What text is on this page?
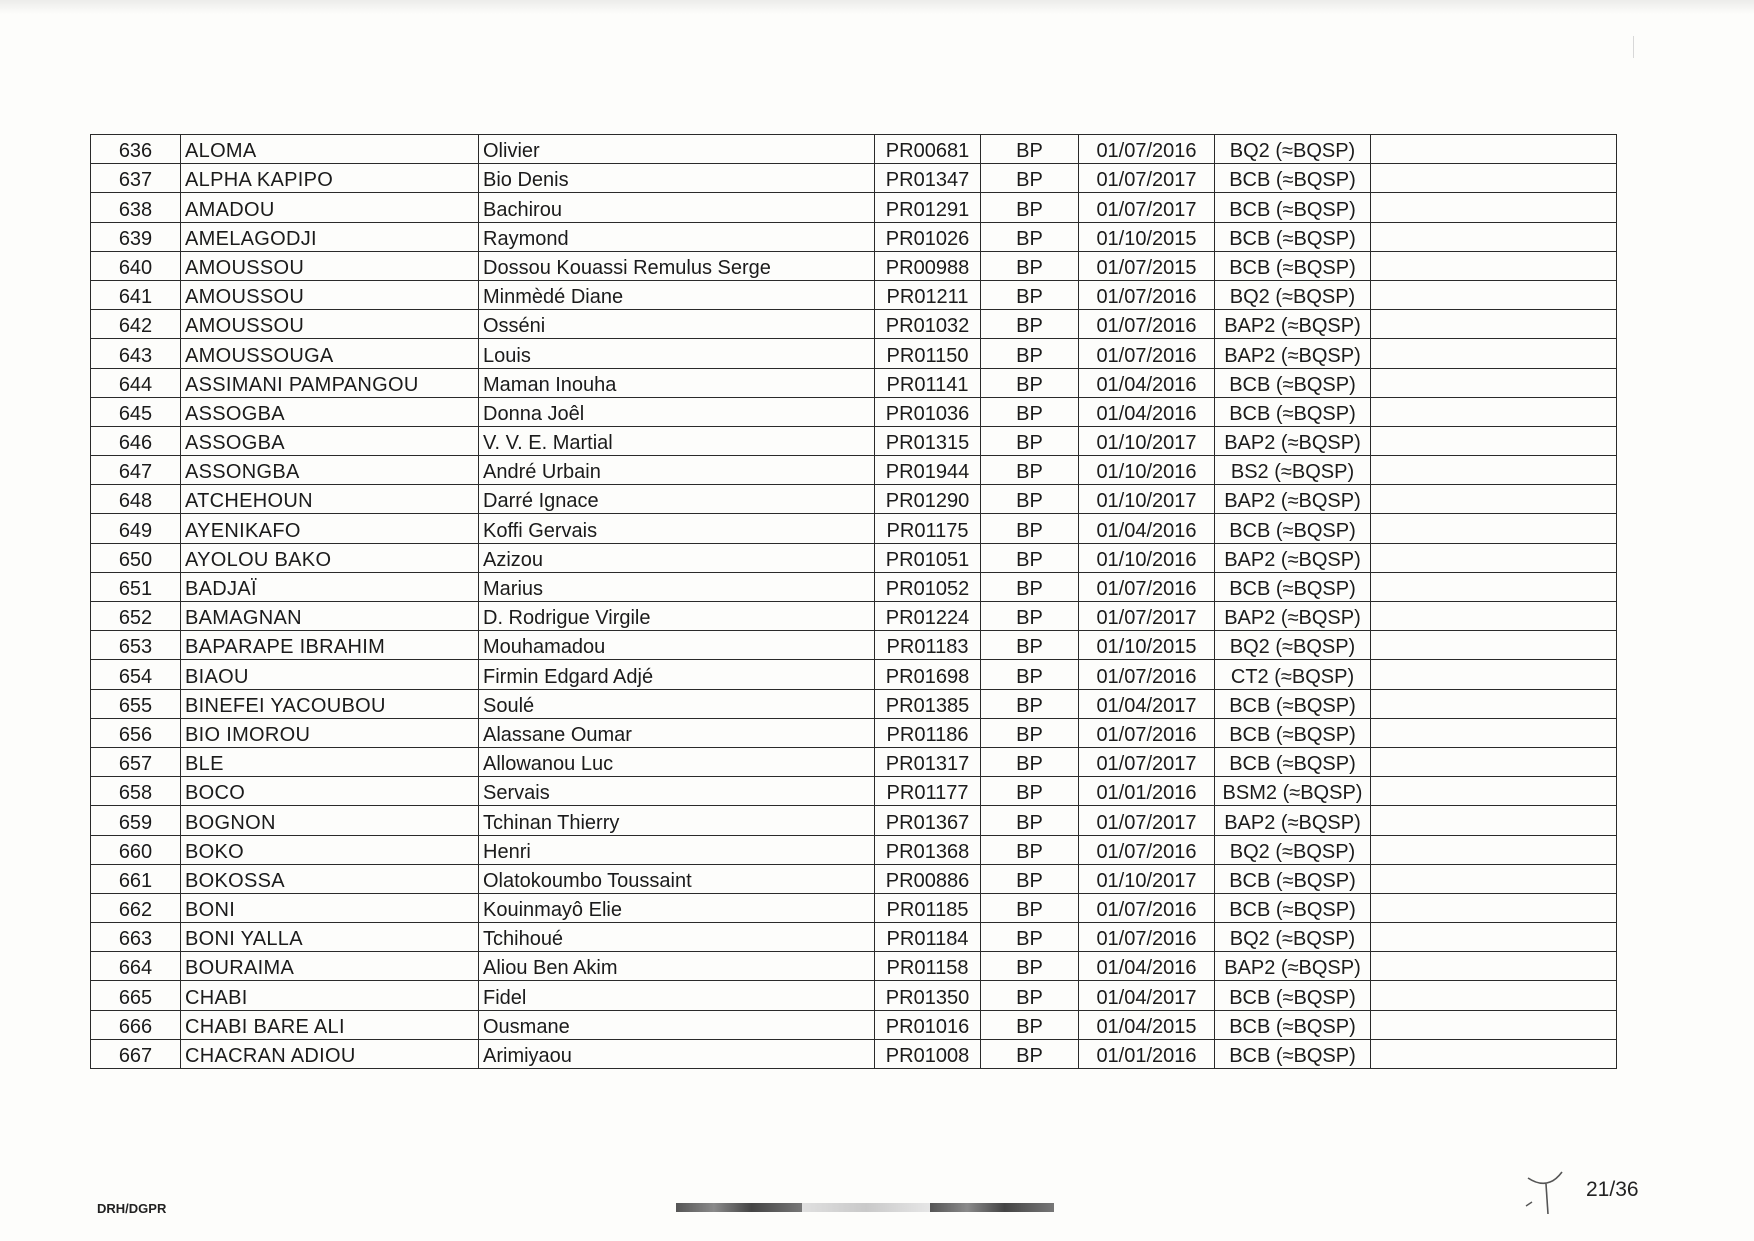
636	ALOMA	Olivier	PR00681	BP	01/07/2016	BQ2 (≈BQSP)	
637	ALPHA KAPIPO	Bio Denis	PR01347	BP	01/07/2017	BCB (≈BQSP)	
638	AMADOU	Bachirou	PR01291	BP	01/07/2017	BCB (≈BQSP)	
639	AMELAGODJI	Raymond	PR01026	BP	01/10/2015	BCB (≈BQSP)	
640	AMOUSSOU	Dossou Kouassi Remulus Serge	PR00988	BP	01/07/2015	BCB (≈BQSP)	
641	AMOUSSOU	Minmèdé Diane	PR01211	BP	01/07/2016	BQ2 (≈BQSP)	
642	AMOUSSOU	Osséni	PR01032	BP	01/07/2016	BAP2 (≈BQSP)	
643	AMOUSSOUGA	Louis	PR01150	BP	01/07/2016	BAP2 (≈BQSP)	
644	ASSIMANI PAMPANGOU	Maman Inouha	PR01141	BP	01/04/2016	BCB (≈BQSP)	
645	ASSOGBA	Donna Joêl	PR01036	BP	01/04/2016	BCB (≈BQSP)	
646	ASSOGBA	V. V. E. Martial	PR01315	BP	01/10/2017	BAP2 (≈BQSP)	
647	ASSONGBA	André Urbain	PR01944	BP	01/10/2016	BS2 (≈BQSP)	
648	ATCHEHOUN	Darré Ignace	PR01290	BP	01/10/2017	BAP2 (≈BQSP)	
649	AYENIKAFO	Koffi Gervais	PR01175	BP	01/04/2016	BCB (≈BQSP)	
650	AYOLOU BAKO	Azizou	PR01051	BP	01/10/2016	BAP2 (≈BQSP)	
651	BADJAÏ	Marius	PR01052	BP	01/07/2016	BCB (≈BQSP)	
652	BAMAGNAN	D. Rodrigue Virgile	PR01224	BP	01/07/2017	BAP2 (≈BQSP)	
653	BAPARAPE IBRAHIM	Mouhamadou	PR01183	BP	01/10/2015	BQ2 (≈BQSP)	
654	BIAOU	Firmin Edgard Adjé	PR01698	BP	01/07/2016	CT2 (≈BQSP)	
655	BINEFEI YACOUBOU	Soulé	PR01385	BP	01/04/2017	BCB (≈BQSP)	
656	BIO IMOROU	Alassane Oumar	PR01186	BP	01/07/2016	BCB (≈BQSP)	
657	BLE	Allowanou Luc	PR01317	BP	01/07/2017	BCB (≈BQSP)	
658	BOCO	Servais	PR01177	BP	01/01/2016	BSM2 (≈BQSP)	
659	BOGNON	Tchinan Thierry	PR01367	BP	01/07/2017	BAP2 (≈BQSP)	
660	BOKO	Henri	PR01368	BP	01/07/2016	BQ2 (≈BQSP)	
661	BOKOSSA	Olatokoumbo Toussaint	PR00886	BP	01/10/2017	BCB (≈BQSP)	
662	BONI	Kouinmayô Elie	PR01185	BP	01/07/2016	BCB (≈BQSP)	
663	BONI YALLA	Tchihoué	PR01184	BP	01/07/2016	BQ2 (≈BQSP)	
664	BOURAIMA	Aliou Ben Akim	PR01158	BP	01/04/2016	BAP2 (≈BQSP)	
665	CHABI	Fidel	PR01350	BP	01/04/2017	BCB (≈BQSP)	
666	CHABI BARE ALI	Ousmane	PR01016	BP	01/04/2015	BCB (≈BQSP)	
667	CHACRAN ADIOU	Arimiyaou	PR01008	BP	01/01/2016	BCB (≈BQSP)	
DRH/DGPR
21/36
